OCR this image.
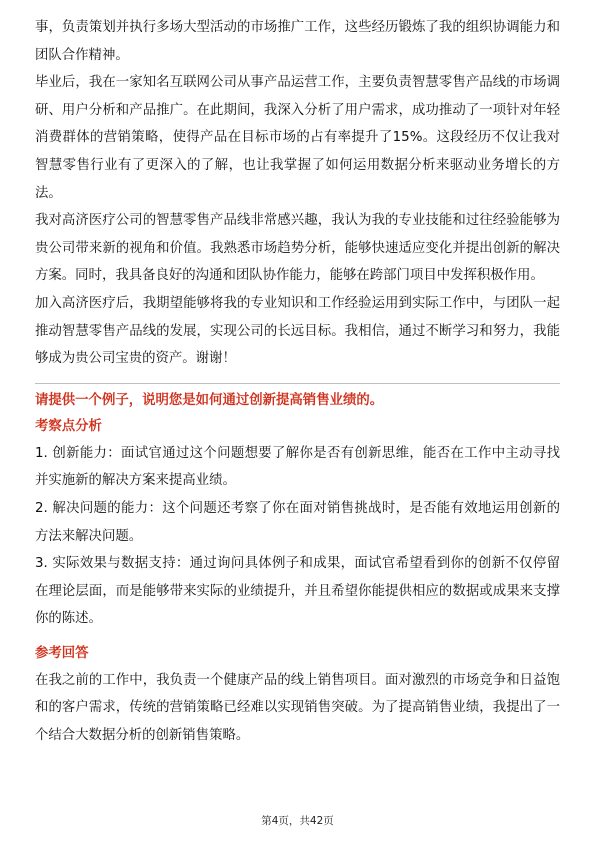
事，负责策划并执行多场大型活动的市场推广工作，这些经历锻炼了我的组织协调能力和团队合作精神。

毕业后，我在一家知名互联网公司从事产品运营工作，主要负责智慧零售产品线的市场调研、用户分析和产品推广。在此期间，我深入分析了用户需求，成功推动了一项针对年轻消费群体的营销策略，使得产品在目标市场的占有率提升了15%。这段经历不仅让我对智慧零售行业有了更深入的了解，也让我掌握了如何运用数据分析来驱动业务增长的方法。

我对高济医疗公司的智慧零售产品线非常感兴趣，我认为我的专业技能和过往经验能够为贵公司带来新的视角和价值。我熟悉市场趋势分析，能够快速适应变化并提出创新的解决方案。同时，我具备良好的沟通和团队协作能力，能够在跨部门项目中发挥积极作用。

加入高济医疗后，我期望能够将我的专业知识和工作经验运用到实际工作中，与团队一起推动智慧零售产品线的发展，实现公司的长远目标。我相信，通过不断学习和努力，我能够成为贵公司宝贵的资产。谢谢！

请提供一个例子，说明您是如何通过创新提高销售业绩的。
考察点分析

1. 创新能力：面试官通过这个问题想要了解你是否有创新思维，能否在工作中主动寻找并实施新的解决方案来提高业绩。

2. 解决问题的能力：这个问题还考察了你在面对销售挑战时，是否能有效地运用创新的方法来解决问题。

3. 实际效果与数据支持：通过询问具体例子和成果，面试官希望看到你的创新不仅停留在理论层面，而是能够带来实际的业绩提升，并且希望你能提供相应的数据或成果来支撑你的陈述。

参考回答

在我之前的工作中，我负责一个健康产品的线上销售项目。面对激烈的市场竞争和日益饱和的客户需求，传统的营销策略已经难以实现销售突破。为了提高销售业绩，我提出了一个结合大数据分析的创新销售策略。

第4页，共42页
